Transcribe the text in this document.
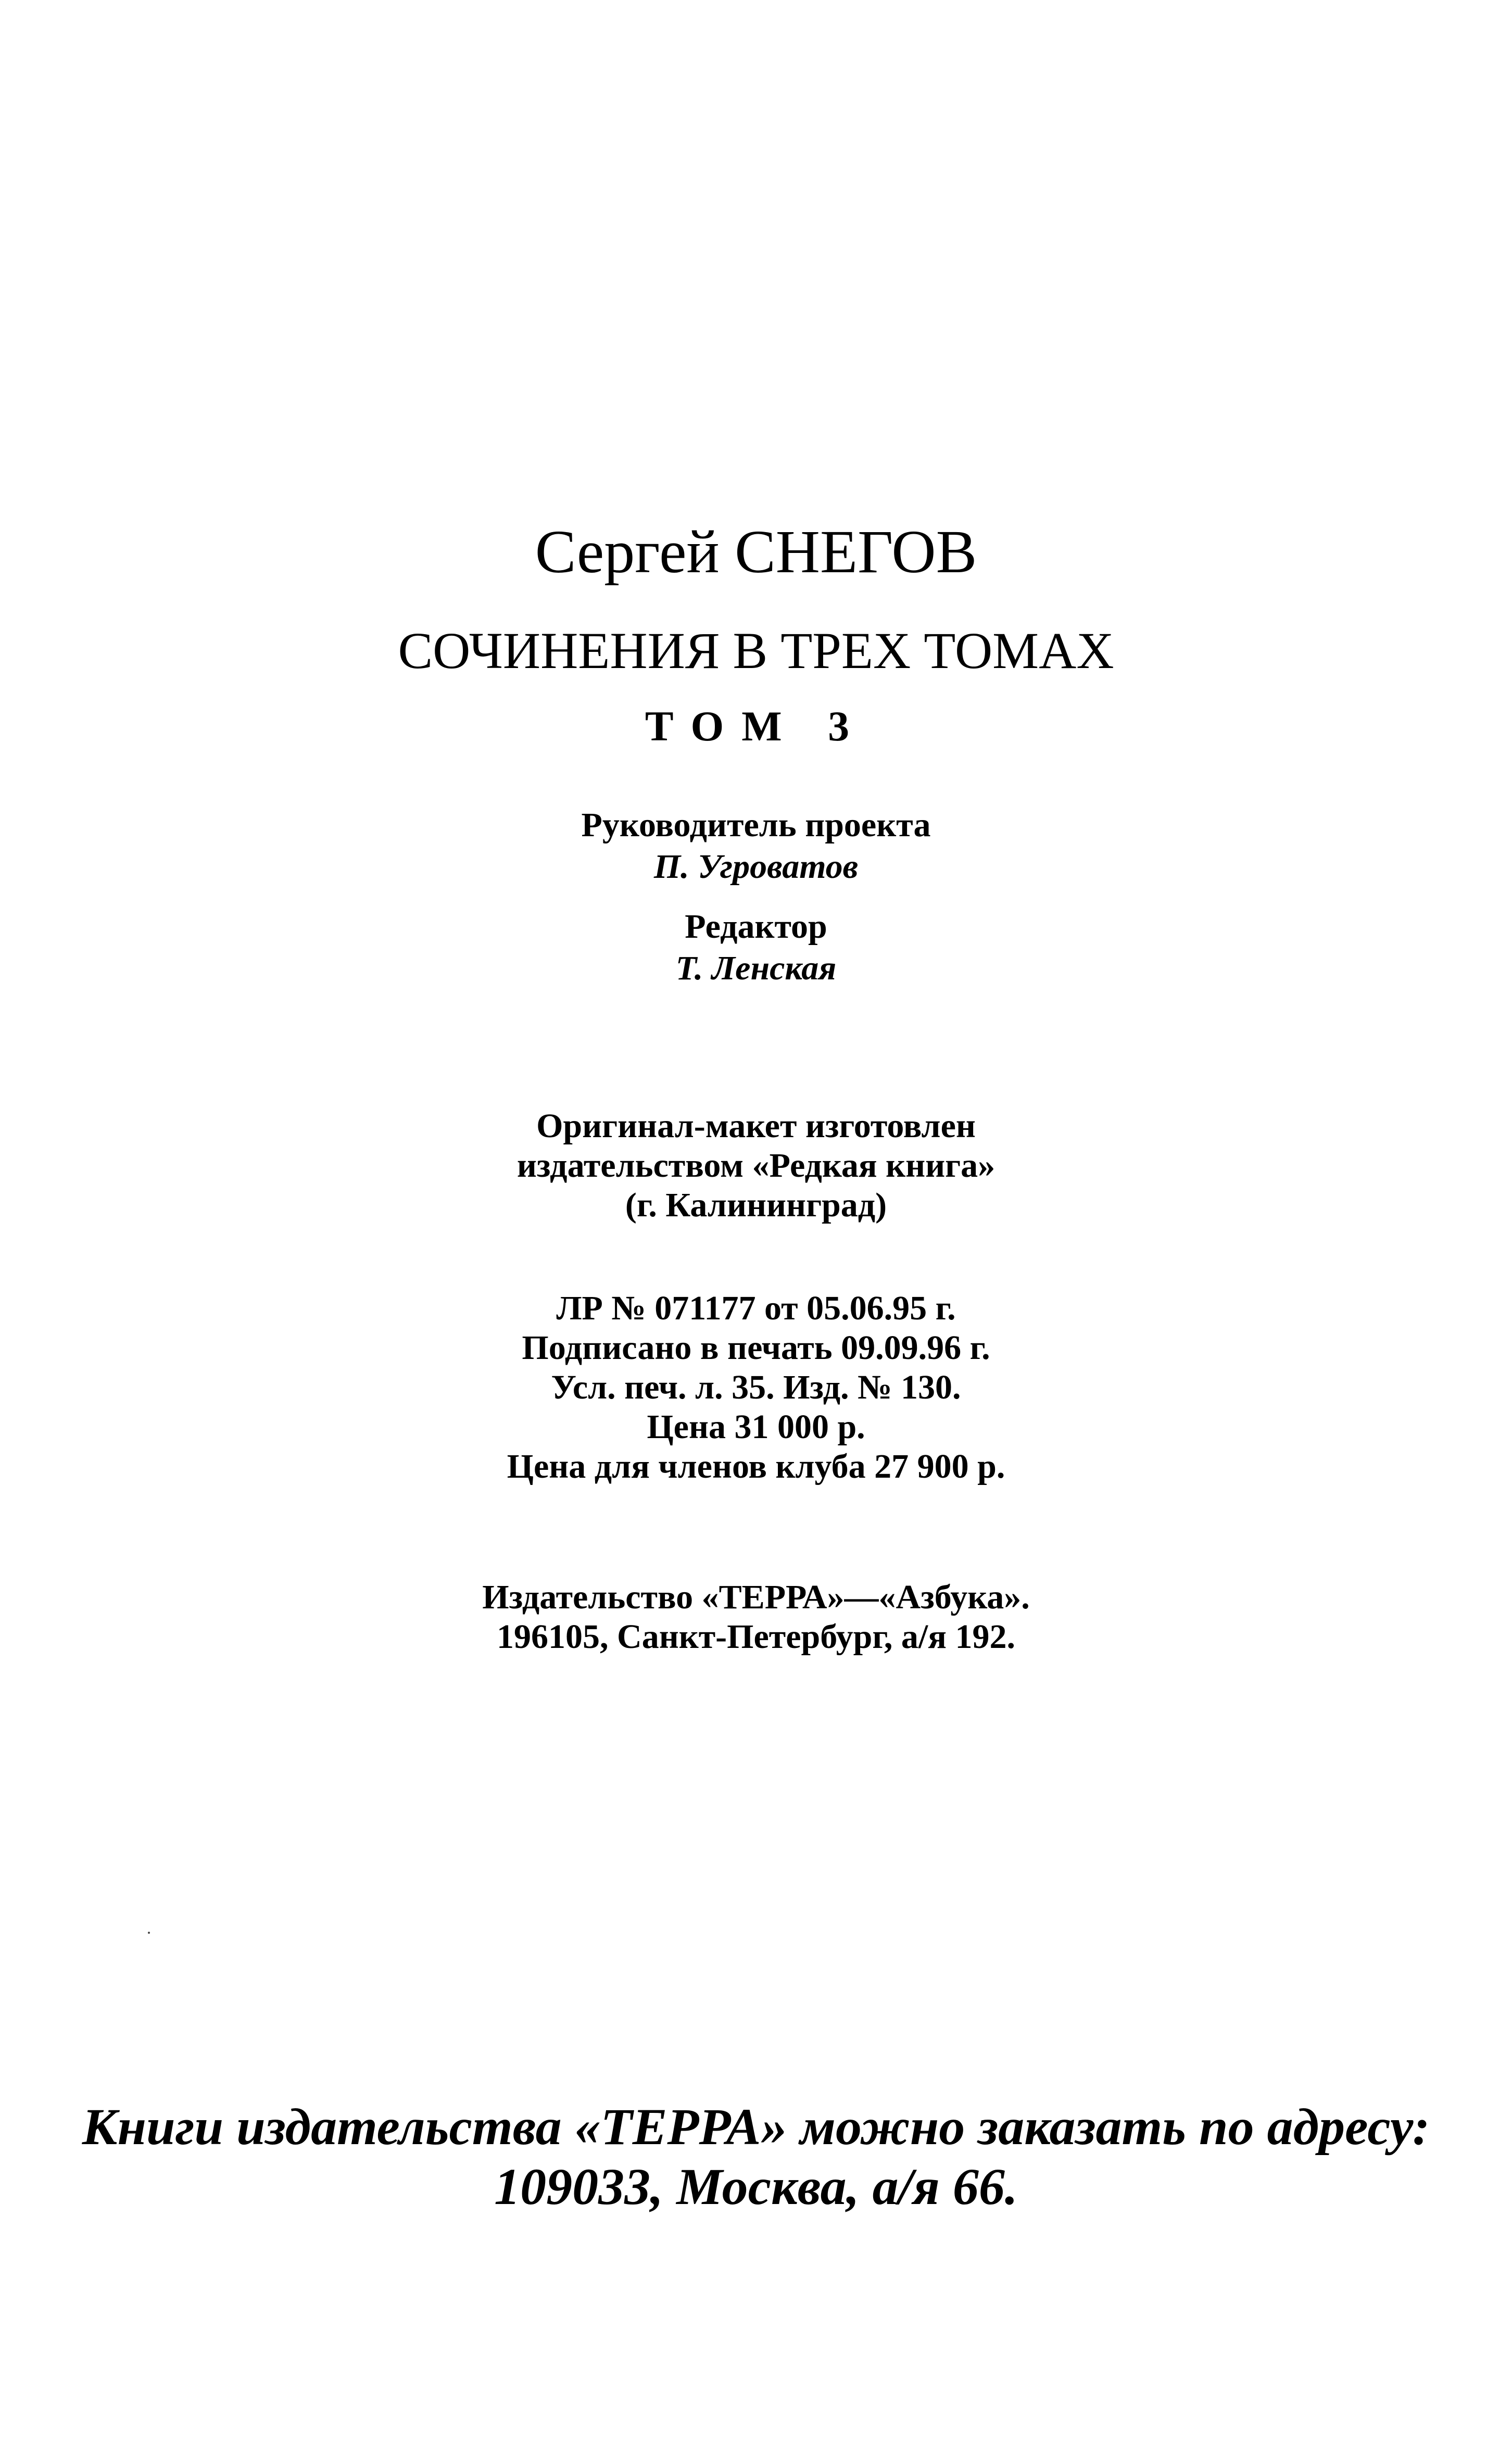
Сергей СНЕГОВ
СОЧИНЕНИЯ В ТРЕХ ТОМАХ
ТОМ 3
Руководитель проекта
П. Угроватов
Редактор
Т. Ленская
Оригинал-макет изготовлен
издательством «Редкая книга»
(г. Калининград)
ЛР № 071177 от 05.06.95 г.
Подписано в печать 09.09.96 г.
Усл. печ. л. 35. Изд. № 130.
Цена 31 000 р.
Цена для членов клуба 27 900 р.
Издательство «ТЕРРА»—«Азбука».
196105, Санкт-Петербург, а/я 192.
Книги издательства «ТЕРРА» можно заказать по адресу:
109033, Москва, а/я 66.
